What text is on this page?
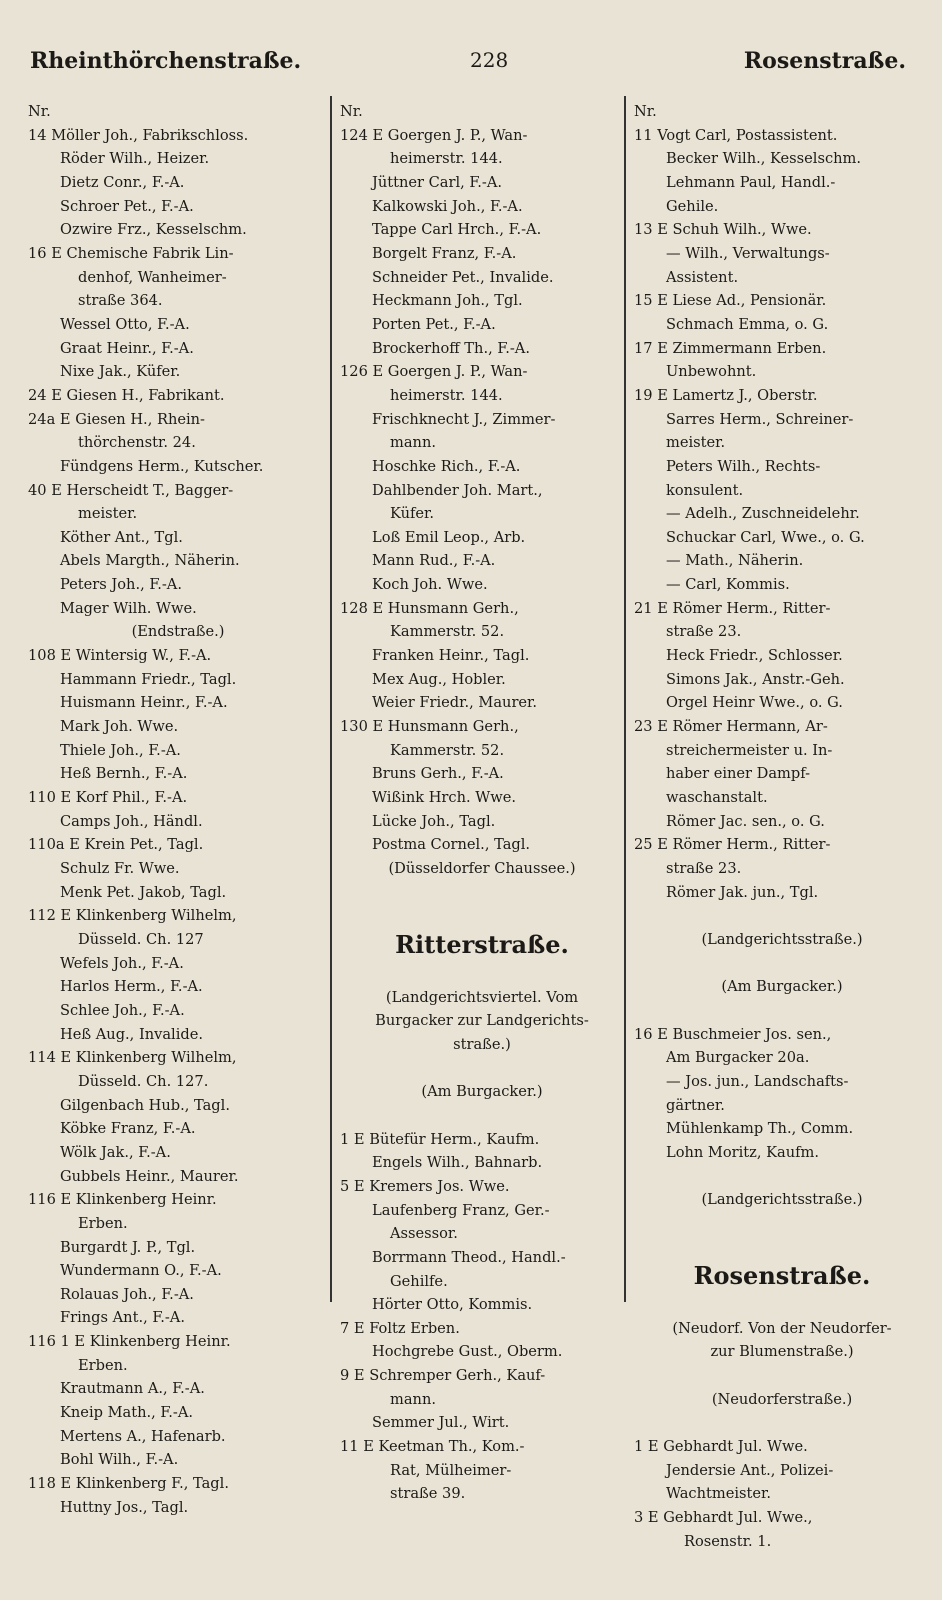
Rheinthörchenstraße.	228	Rosenstraße.
Nr.
14 Möller Joh., Fabrikschloss.
Röder Wilh., Heizer.
Dietz Conr., F.-A.
Schroer Pet., F.-A.
Ozwire Frz., Kesselschm.
16 E Chemische Fabrik Lin-
denhof, Wanheimer-
straße 364.
Wessel Otto, F.-A.
Graat Heinr., F.-A.
Nixe Jak., Küfer.
24 E Giesen H., Fabrikant.
24a E Giesen H., Rhein-
thörchenstr. 24.
Fündgens Herm., Kutscher.
40 E Herscheidt T., Bagger-
meister.
Köther Ant., Tgl.
Abels Margth., Näherin.
Peters Joh., F.-A.
Mager Wilh. Wwe.
(Endstraße.)
108 E Wintersig W., F.-A.
Hammann Friedr., Tagl.
Huismann Heinr., F.-A.
Mark Joh. Wwe.
Thiele Joh., F.-A.
Heß Bernh., F.-A.
110 E Korf Phil., F.-A.
Camps Joh., Händl.
110a E Krein Pet., Tagl.
Schulz Fr. Wwe.
Menk Pet. Jakob, Tagl.
112 E Klinkenberg Wilhelm,
Düsseld. Ch. 127
Wefels Joh., F.-A.
Harlos Herm., F.-A.
Schlee Joh., F.-A.
Heß Aug., Invalide.
114 E Klinkenberg Wilhelm,
Düsseld. Ch. 127.
Gilgenbach Hub., Tagl.
Köbke Franz, F.-A.
Wölk Jak., F.-A.
Gubbels Heinr., Maurer.
116 E Klinkenberg Heinr.
Erben.
Burgardt J. P., Tgl.
Wundermann O., F.-A.
Rolauas Joh., F.-A.
Frings Ant., F.-A.
116 1 E Klinkenberg Heinr.
Erben.
Krautmann A., F.-A.
Kneip Math., F.-A.
Mertens A., Hafenarb.
Bohl Wilh., F.-A.
118 E Klinkenberg F., Tagl.
Huttny Jos., Tagl.
Nr.
124 E Goergen J. P., Wan-
heimerstr. 144.
Jüttner Carl, F.-A.
Kalkowski Joh., F.-A.
Tappe Carl Hrch., F.-A.
Borgelt Franz, F.-A.
Schneider Pet., Invalide.
Heckmann Joh., Tgl.
Porten Pet., F.-A.
Brockerhoff Th., F.-A.
126 E Goergen J. P., Wan-
heimerstr. 144.
Frischknecht J., Zimmer-
mann.
Hoschke Rich., F.-A.
Dahlbender Joh. Mart.,
Küfer.
Loß Emil Leop., Arb.
Mann Rud., F.-A.
Koch Joh. Wwe.
128 E Hunsmann Gerh.,
Kammerstr. 52.
Franken Heinr., Tagl.
Mex Aug., Hobler.
Weier Friedr., Maurer.
130 E Hunsmann Gerh.,
Kammerstr. 52.
Bruns Gerh., F.-A.
Wißink Hrch. Wwe.
Lücke Joh., Tagl.
Postma Cornel., Tagl.
(Düsseldorfer Chaussee.)

Ritterstraße.

(Landgerichtsviertel. Vom
Burgacker zur Landgerichts-
straße.)

(Am Burgacker.)

1 E Bütefür Herm., Kaufm.
Engels Wilh., Bahnarb.
5 E Kremers Jos. Wwe.
Laufenberg Franz, Ger.-
Assessor.
Borrmann Theod., Handl.-
Gehilfe.
Hörter Otto, Kommis.
7 E Foltz Erben.
Hochgrebe Gust., Oberm.
9 E Schremper Gerh., Kauf-
mann.
Semmer Jul., Wirt.
11 E Keetman Th., Kom.-
Rat, Mülheimer-
straße 39.
Nr.
11 Vogt Carl, Postassistent.
Becker Wilh., Kesselschm.
Lehmann Paul, Handl.-
Gehile.
13 E Schuh Wilh., Wwe.
— Wilh., Verwaltungs-
Assistent.
15 E Liese Ad., Pensionär.
Schmach Emma, o. G.
17 E Zimmermann Erben.
Unbewohnt.
19 E Lamertz J., Oberstr.
Sarres Herm., Schreiner-
meister.
Peters Wilh., Rechts-
konsulent.
— Adelh., Zuschneidelehr.
Schuckar Carl, Wwe., o. G.
— Math., Näherin.
— Carl, Kommis.
21 E Römer Herm., Ritter-
straße 23.
Heck Friedr., Schlosser.
Simons Jak., Anstr.-Geh.
Orgel Heinr Wwe., o. G.
23 E Römer Hermann, Ar-
streichermeister u. In-
haber einer Dampf-
waschanstalt.
Römer Jac. sen., o. G.
25 E Römer Herm., Ritter-
straße 23.
Römer Jak. jun., Tgl.

(Landgerichtsstraße.)

(Am Burgacker.)

16 E Buschmeier Jos. sen.,
Am Burgacker 20a.
— Jos. jun., Landschafts-
gärtner.
Mühlenkamp Th., Comm.
Lohn Moritz, Kaufm.

(Landgerichtsstraße.)

Rosenstraße.

(Neudorf. Von der Neudorfer-
zur Blumenstraße.)

(Neudorferstraße.)

1 E Gebhardt Jul. Wwe.
Jendersie Ant., Polizei-
Wachtmeister.
3 E Gebhardt Jul. Wwe.,
Rosenstr. 1.
